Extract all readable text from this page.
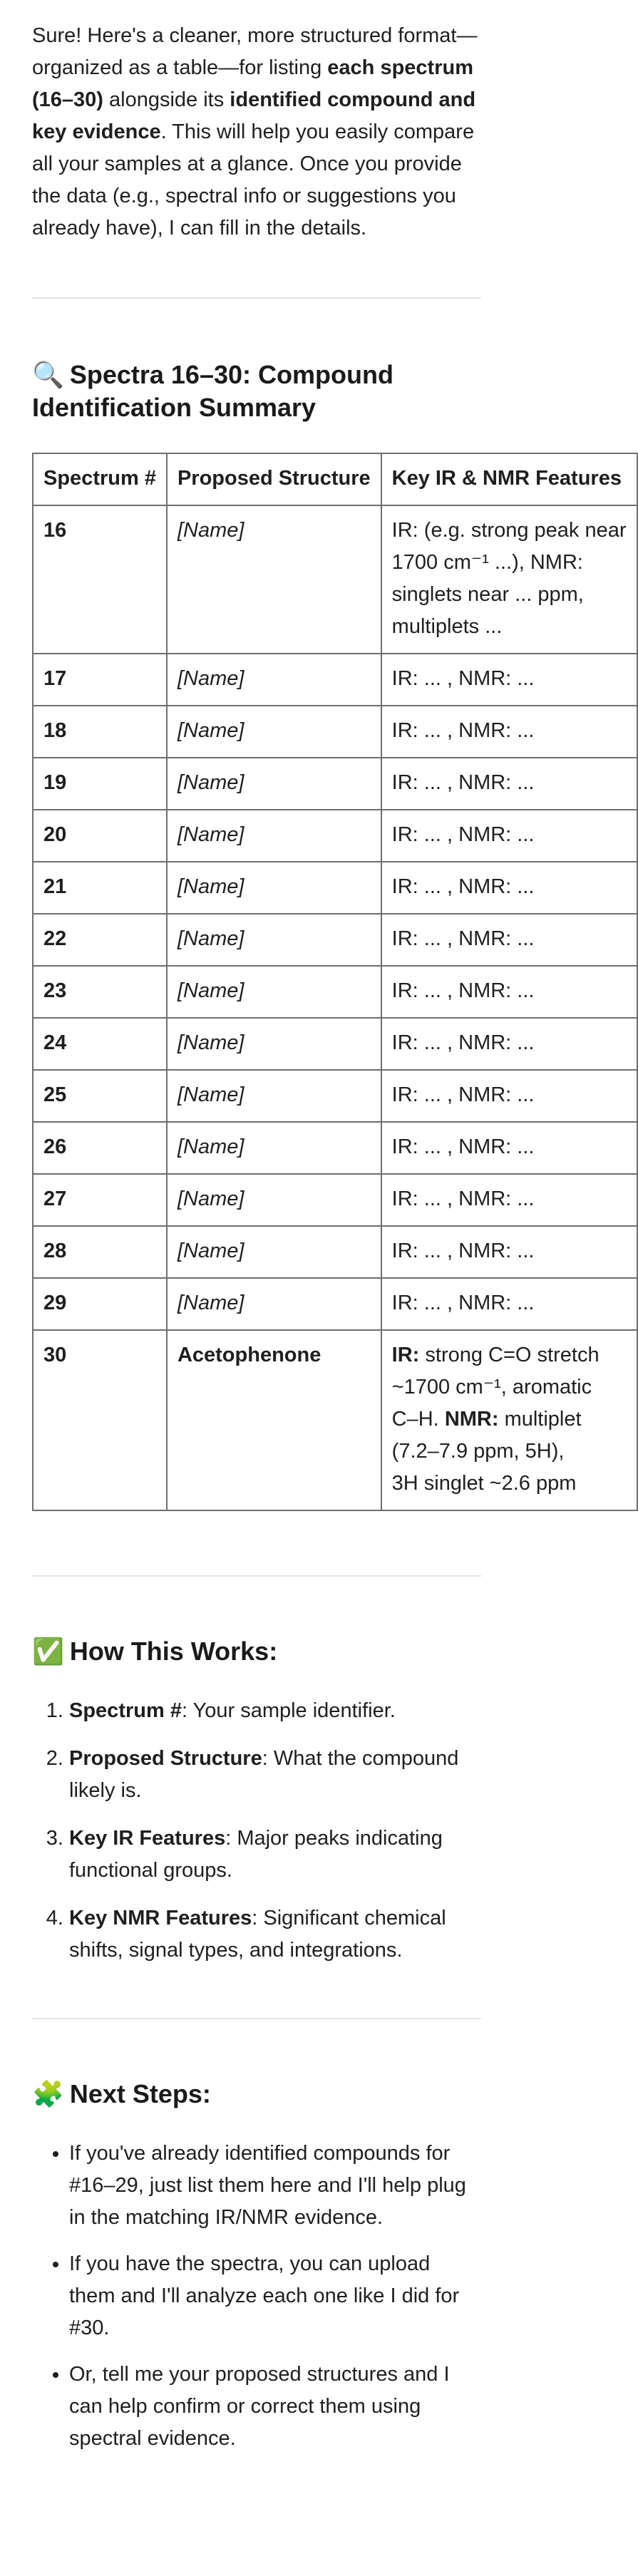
Sure! Here's a cleaner, more structured format—organized as a table—for listing each spectrum (16–30) alongside its identified compound and key evidence. This will help you easily compare all your samples at a glance. Once you provide the data (e.g., spectral info or suggestions you already have), I can fill in the details.

🔍 Spectra 16–30: Compound Identification Summary
Spectrum #	Proposed Structure	Key IR & NMR Features
16	[Name]	IR: (e.g. strong peak near
1700 cm⁻¹ ...), NMR:
singlets near ... ppm,
multiplets ...
17	[Name]	IR: ... , NMR: ...
18	[Name]	IR: ... , NMR: ...
19	[Name]	IR: ... , NMR: ...
20	[Name]	IR: ... , NMR: ...
21	[Name]	IR: ... , NMR: ...
22	[Name]	IR: ... , NMR: ...
23	[Name]	IR: ... , NMR: ...
24	[Name]	IR: ... , NMR: ...
25	[Name]	IR: ... , NMR: ...
26	[Name]	IR: ... , NMR: ...
27	[Name]	IR: ... , NMR: ...
28	[Name]	IR: ... , NMR: ...
29	[Name]	IR: ... , NMR: ...
30	Acetophenone	IR: strong C=O stretch
~1700 cm⁻¹, aromatic
C–H. NMR: multiplet
(7.2–7.9 ppm, 5H),
3H singlet ~2.6 ppm
✅ How This Works:
1. Spectrum #: Your sample identifier.
2. Proposed Structure: What the compound likely is.
3. Key IR Features: Major peaks indicating functional groups.
4. Key NMR Features: Significant chemical shifts, signal types, and integrations.
🧩 Next Steps:
• If you've already identified compounds for #16–29, just list them here and I'll help plug in the matching IR/NMR evidence.
• If you have the spectra, you can upload them and I'll analyze each one like I did for #30.
• Or, tell me your proposed structures and I can help confirm or correct them using spectral evidence.
